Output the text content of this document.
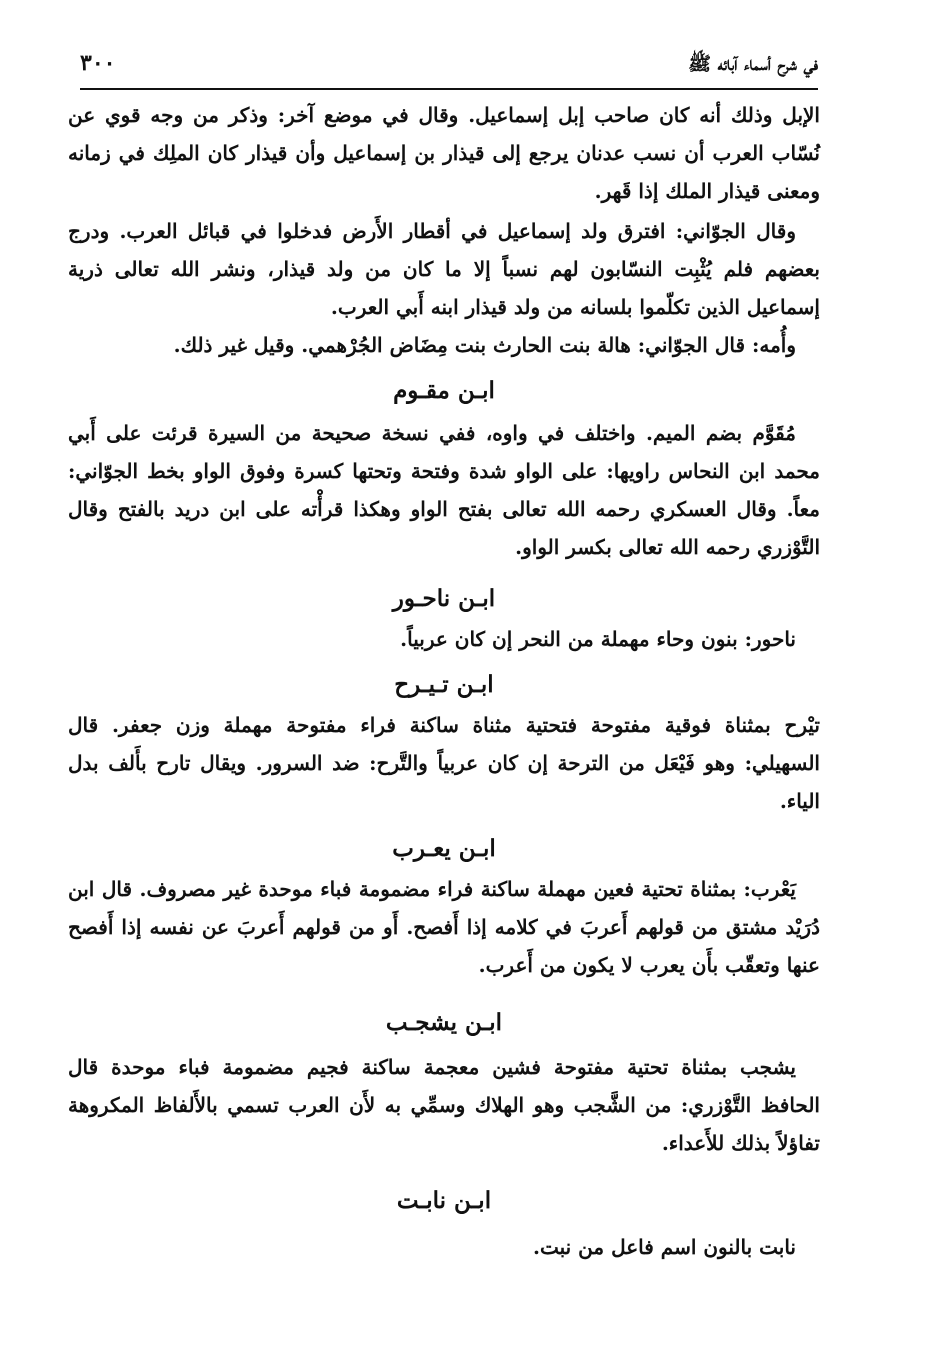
في شرح أسماء آبائه ﷺ
٣٠٠

الإبل وذلك أنه كان صاحب إبل إسماعيل. وقال في موضع آخر: وذكر من وجه قوي عن نُسّاب العرب أن نسب عدنان يرجع إلى قيذار بن إسماعيل وأن قيذار كان الملِك في زمانه ومعنى قيذار الملك إذا قَهر.

وقال الجوّاني: افترق ولد إسماعيل في أقطار الأَرض فدخلوا في قبائل العرب. ودرج بعضهم فلم يُثْبِت النسّابون لهم نسباً إلا ما كان من ولد قيذار، ونشر الله تعالى ذرية إسماعيل الذين تكلّموا بلسانه من ولد قيذار ابنه أَبي العرب.

وأُمه: قال الجوّاني: هالة بنت الحارث بنت مِضَاض الجُرْهمي. وقيل غير ذلك.

ابـن مقـوم

مُقَوَّم بضم الميم. واختلف في واوه، ففي نسخة صحيحة من السيرة قرئت على أَبي محمد ابن النحاس راويها: على الواو شدة وفتحة وتحتها كسرة وفوق الواو بخط الجوّاني: معاً. وقال العسكري رحمه الله تعالى بفتح الواو وهكذا قرأْته على ابن دريد بالفتح وقال التَّوْزري رحمه الله تعالى بكسر الواو.

ابـن ناحـور

ناحور: بنون وحاء مهملة من النحر إن كان عربياً.

ابـن تـيـرح

تيْرح بمثناة فوقية مفتوحة فتحتية مثناة ساكنة فراء مفتوحة مهملة وزن جعفر. قال السهيلي: وهو فَيْعَل من الترحة إن كان عربياً والتَّرح: ضد السرور. ويقال تارح بأَلف بدل الياء.

ابـن يعـرب

يَعْرب: بمثناة تحتية فعين مهملة ساكنة فراء مضمومة فباء موحدة غير مصروف. قال ابن دُرَيْد مشتق من قولهم أَعربَ في كلامه إذا أَفصح. أَو من قولهم أَعربَ عن نفسه إذا أَفصح عنها وتعقّب بأَن يعرب لا يكون من أَعرب.

ابـن يشجـب

يشجب بمثناة تحتية مفتوحة فشين معجمة ساكنة فجيم مضمومة فباء موحدة قال الحافظ التَّوْزري: من الشَّجب وهو الهلاك وسمِّي به لأَن العرب تسمي بالأَلفاظ المكروهة تفاؤلاً بذلك للأَعداء.

ابـن نابـت

نابت بالنون اسم فاعل من نبت.
